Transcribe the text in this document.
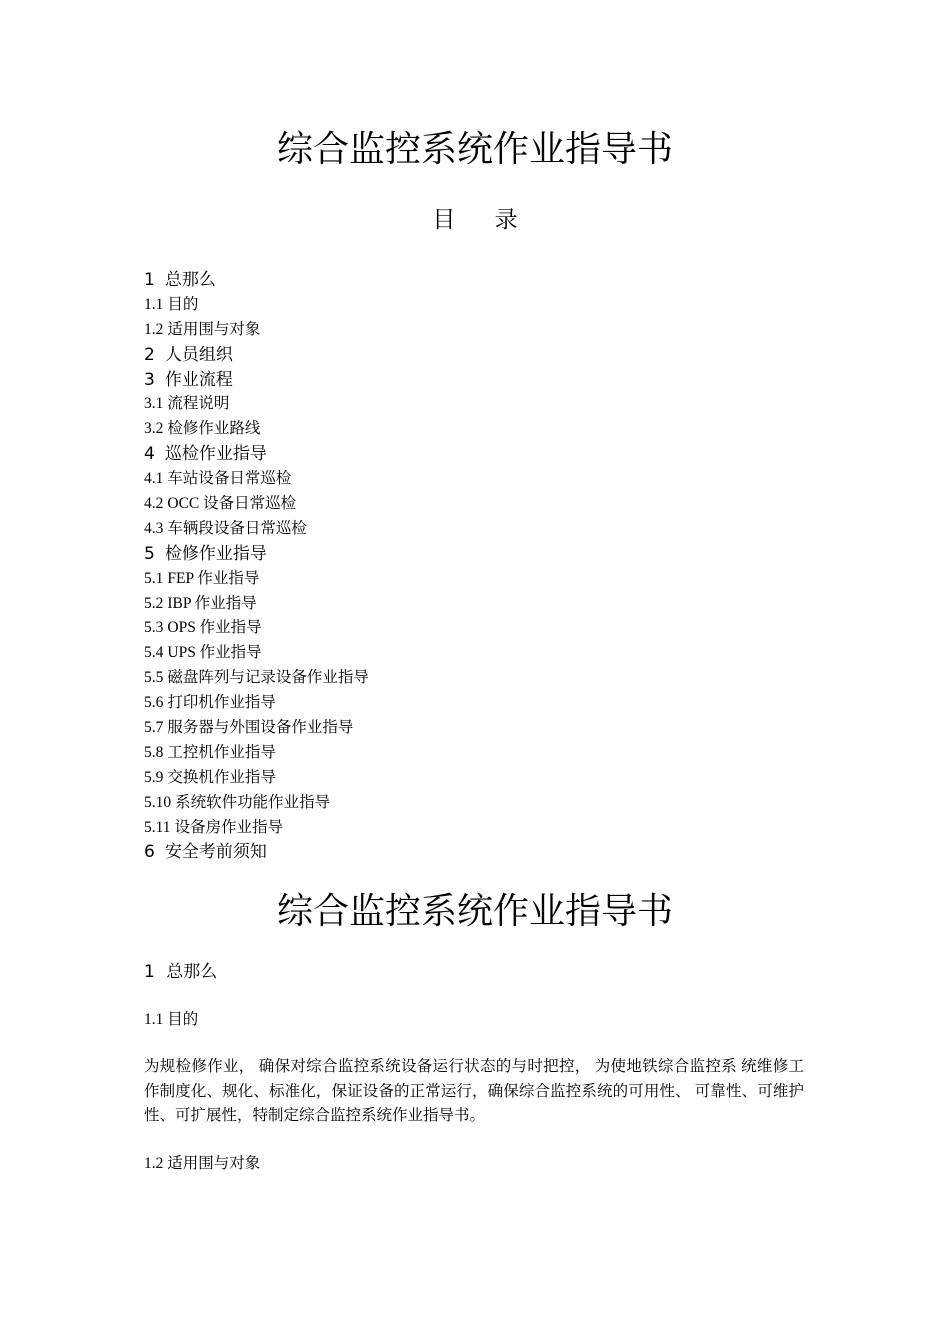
综合监控系统作业指导书
目 录
1 总那么
1.1 目的
1.2 适用围与对象
2 人员组织
3 作业流程
3.1 流程说明
3.2 检修作业路线
4 巡检作业指导
4.1 车站设备日常巡检
4.2 OCC 设备日常巡检
4.3 车辆段设备日常巡检
5 检修作业指导
5.1 FEP 作业指导
5.2 IBP 作业指导
5.3 OPS 作业指导
5.4 UPS 作业指导
5.5 磁盘阵列与记录设备作业指导
5.6 打印机作业指导
5.7 服务器与外围设备作业指导
5.8 工控机作业指导
5.9 交换机作业指导
5.10 系统软件功能作业指导
5.11 设备房作业指导
6 安全考前须知
综合监控系统作业指导书
1 总那么
1.1 目的
为规检修作业， 确保对综合监控系统设备运行状态的与时把控， 为使地铁综合监控系 统维修工作制度化、规化、标准化，保证设备的正常运行，确保综合监控系统的可用性、 可靠性、可维护性、可扩展性，特制定综合监控系统作业指导书。
1.2 适用围与对象
